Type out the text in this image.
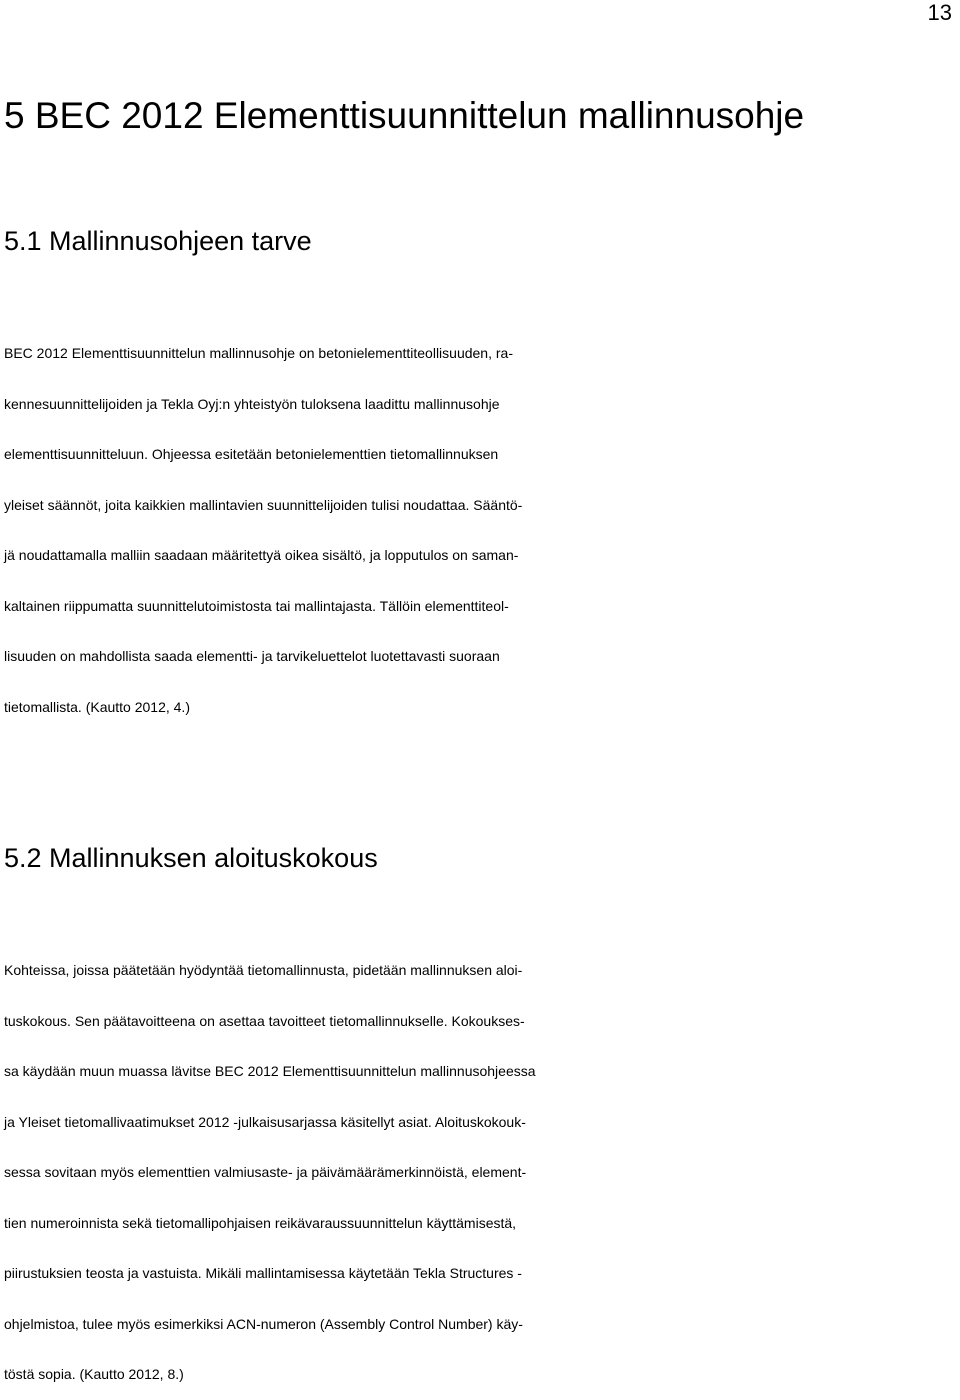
13
5 BEC 2012 Elementtisuunnittelun mallinnusohje
5.1 Mallinnusohjeen tarve
BEC 2012 Elementtisuunnittelun mallinnusohje on betonielementtiteollisuuden, ra-
kennesuunnittelijoiden ja Tekla Oyj:n yhteistyön tuloksena laadittu mallinnusohje
elementtisuunnitteluun. Ohjeessa esitetään betonielementtien tietomallinnuksen
yleiset säännöt, joita kaikkien mallintavien suunnittelijoiden tulisi noudattaa. Sääntö-
jä noudattamalla malliin saadaan määritettyä oikea sisältö, ja lopputulos on saman-
kaltainen riippumatta suunnittelutoimistosta tai mallintajasta. Tällöin elementtiteol-
lisuuden on mahdollista saada elementti- ja tarvikeluettelot luotettavasti suoraan
tietomallista. (Kautto 2012, 4.)
5.2 Mallinnuksen aloituskokous
Kohteissa, joissa päätetään hyödyntää tietomallinnusta, pidetään mallinnuksen aloi-
tuskokous. Sen päätavoitteena on asettaa tavoitteet tietomallinnukselle. Kokoukses-
sa käydään muun muassa lävitse BEC 2012 Elementtisuunnittelun mallinnusohjeessa
ja Yleiset tietomallivaatimukset 2012 -julkaisusarjassa käsitellyt asiat. Aloituskokouk-
sessa sovitaan myös elementtien valmiusaste- ja päivämäärämerkinnöistä, element-
tien numeroinnista sekä tietomallipohjaisen reikävaraussuunnittelun käyttämisestä,
piirustuksien teosta ja vastuista. Mikäli mallintamisessa käytetään Tekla Structures -
ohjelmistoa, tulee myös esimerkiksi ACN-numeron (Assembly Control Number) käy-
töstä sopia. (Kautto 2012, 8.)
